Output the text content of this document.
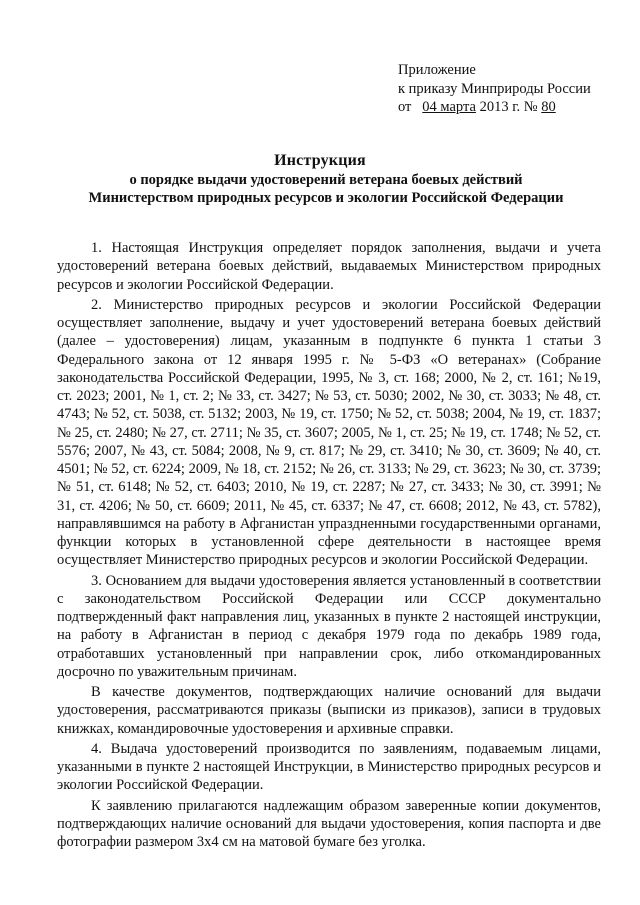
Приложение
к приказу Минприроды России
от 04 марта 2013 г. № 80
Инструкция
о порядке выдачи удостоверений ветерана боевых действий Министерством природных ресурсов и экологии Российской Федерации

1. Настоящая Инструкция определяет порядок заполнения, выдачи и учета удостоверений ветерана боевых действий, выдаваемых Министерством природных ресурсов и экологии Российской Федерации.

2. Министерство природных ресурсов и экологии Российской Федерации осуществляет заполнение, выдачу и учет удостоверений ветерана боевых действий (далее – удостоверения) лицам, указанным в подпункте 6 пункта 1 статьи 3 Федерального закона от 12 января 1995 г. № 5-ФЗ «О ветеранах» (Собрание законодательства Российской Федерации, 1995, № 3, ст. 168; 2000, № 2, ст. 161; №19, ст. 2023; 2001, № 1, ст. 2; № 33, ст. 3427; № 53, ст. 5030; 2002, № 30, ст. 3033; № 48, ст. 4743; № 52, ст. 5038, ст. 5132; 2003, № 19, ст. 1750; № 52, ст. 5038; 2004, № 19, ст. 1837; № 25, ст. 2480; № 27, ст. 2711; № 35, ст. 3607; 2005, № 1, ст. 25; № 19, ст. 1748; № 52, ст. 5576; 2007, № 43, ст. 5084; 2008, № 9, ст. 817; № 29, ст. 3410; № 30, ст. 3609; № 40, ст. 4501; № 52, ст. 6224; 2009, № 18, ст. 2152; № 26, ст. 3133; № 29, ст. 3623; № 30, ст. 3739; № 51, ст. 6148; № 52, ст. 6403; 2010, № 19, ст. 2287; № 27, ст. 3433; № 30, ст. 3991; № 31, ст. 4206; № 50, ст. 6609; 2011, № 45, ст. 6337; № 47, ст. 6608; 2012, № 43, ст. 5782), направлявшимся на работу в Афганистан упраздненными государственными органами, функции которых в установленной сфере деятельности в настоящее время осуществляет Министерство природных ресурсов и экологии Российской Федерации.

3. Основанием для выдачи удостоверения является установленный в соответствии с законодательством Российской Федерации или СССР документально подтвержденный факт направления лиц, указанных в пункте 2 настоящей инструкции, на работу в Афганистан в период с декабря 1979 года по декабрь 1989 года, отработавших установленный при направлении срок, либо откомандированных досрочно по уважительным причинам.

В качестве документов, подтверждающих наличие оснований для выдачи удостоверения, рассматриваются приказы (выписки из приказов), записи в трудовых книжках, командировочные удостоверения и архивные справки.

4. Выдача удостоверений производится по заявлениям, подаваемым лицами, указанными в пункте 2 настоящей Инструкции, в Министерство природных ресурсов и экологии Российской Федерации.

К заявлению прилагаются надлежащим образом заверенные копии документов, подтверждающих наличие оснований для выдачи удостоверения, копия паспорта и две фотографии размером 3х4 см на матовой бумаге без уголка.
